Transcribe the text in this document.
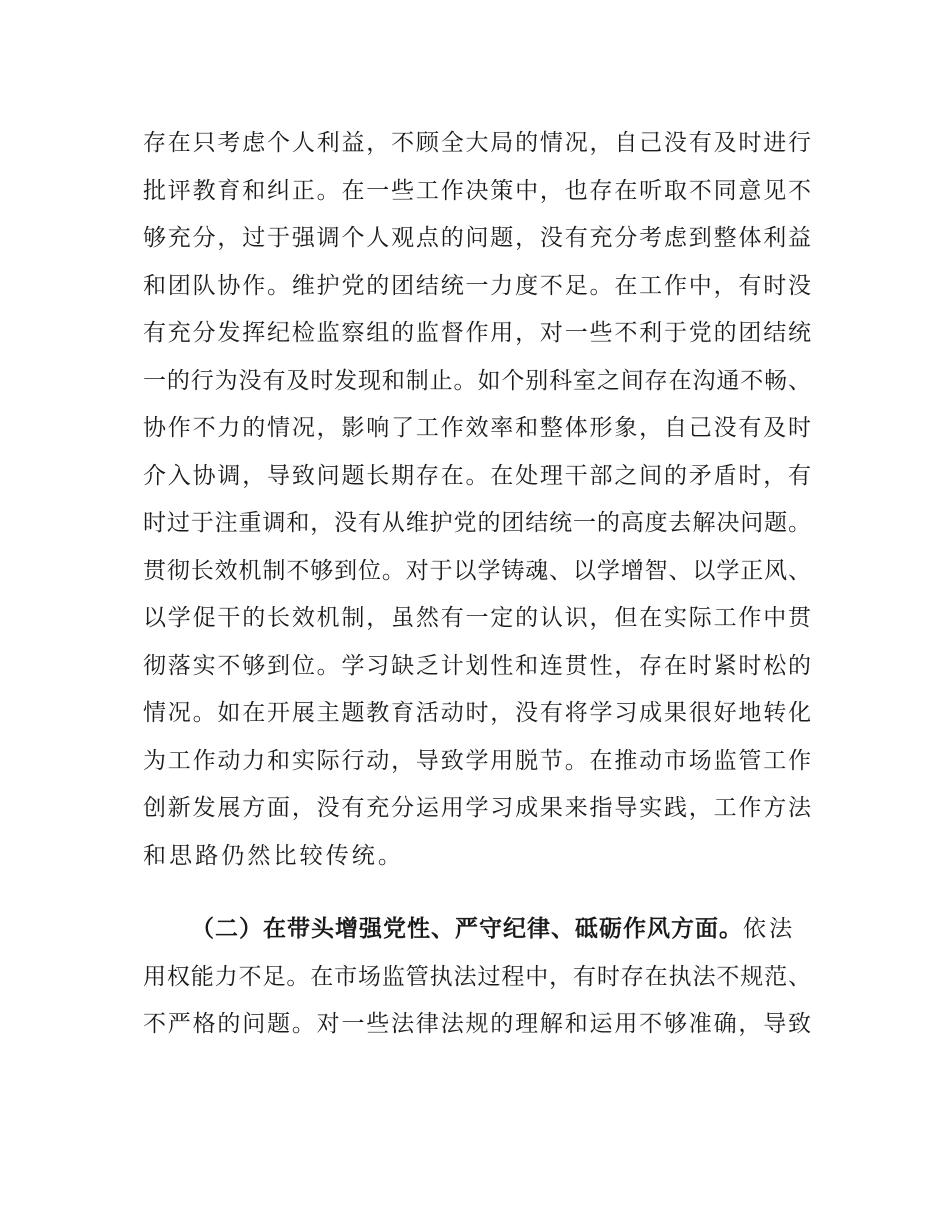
存在只考虑个人利益，不顾全大局的情况，自己没有及时进行
批评教育和纠正。在一些工作决策中，也存在听取不同意见不
够充分，过于强调个人观点的问题，没有充分考虑到整体利益
和团队协作。维护党的团结统一力度不足。在工作中，有时没
有充分发挥纪检监察组的监督作用，对一些不利于党的团结统
一的行为没有及时发现和制止。如个别科室之间存在沟通不畅、
协作不力的情况，影响了工作效率和整体形象，自己没有及时
介入协调，导致问题长期存在。在处理干部之间的矛盾时，有
时过于注重调和，没有从维护党的团结统一的高度去解决问题。
贯彻长效机制不够到位。对于以学铸魂、以学增智、以学正风、
以学促干的长效机制，虽然有一定的认识，但在实际工作中贯
彻落实不够到位。学习缺乏计划性和连贯性，存在时紧时松的
情况。如在开展主题教育活动时，没有将学习成果很好地转化
为工作动力和实际行动，导致学用脱节。在推动市场监管工作
创新发展方面，没有充分运用学习成果来指导实践，工作方法
和思路仍然比较传统。
（二）在带头增强党性、严守纪律、砥砺作风方面。依法
用权能力不足。在市场监管执法过程中，有时存在执法不规范、
不严格的问题。对一些法律法规的理解和运用不够准确，导致
